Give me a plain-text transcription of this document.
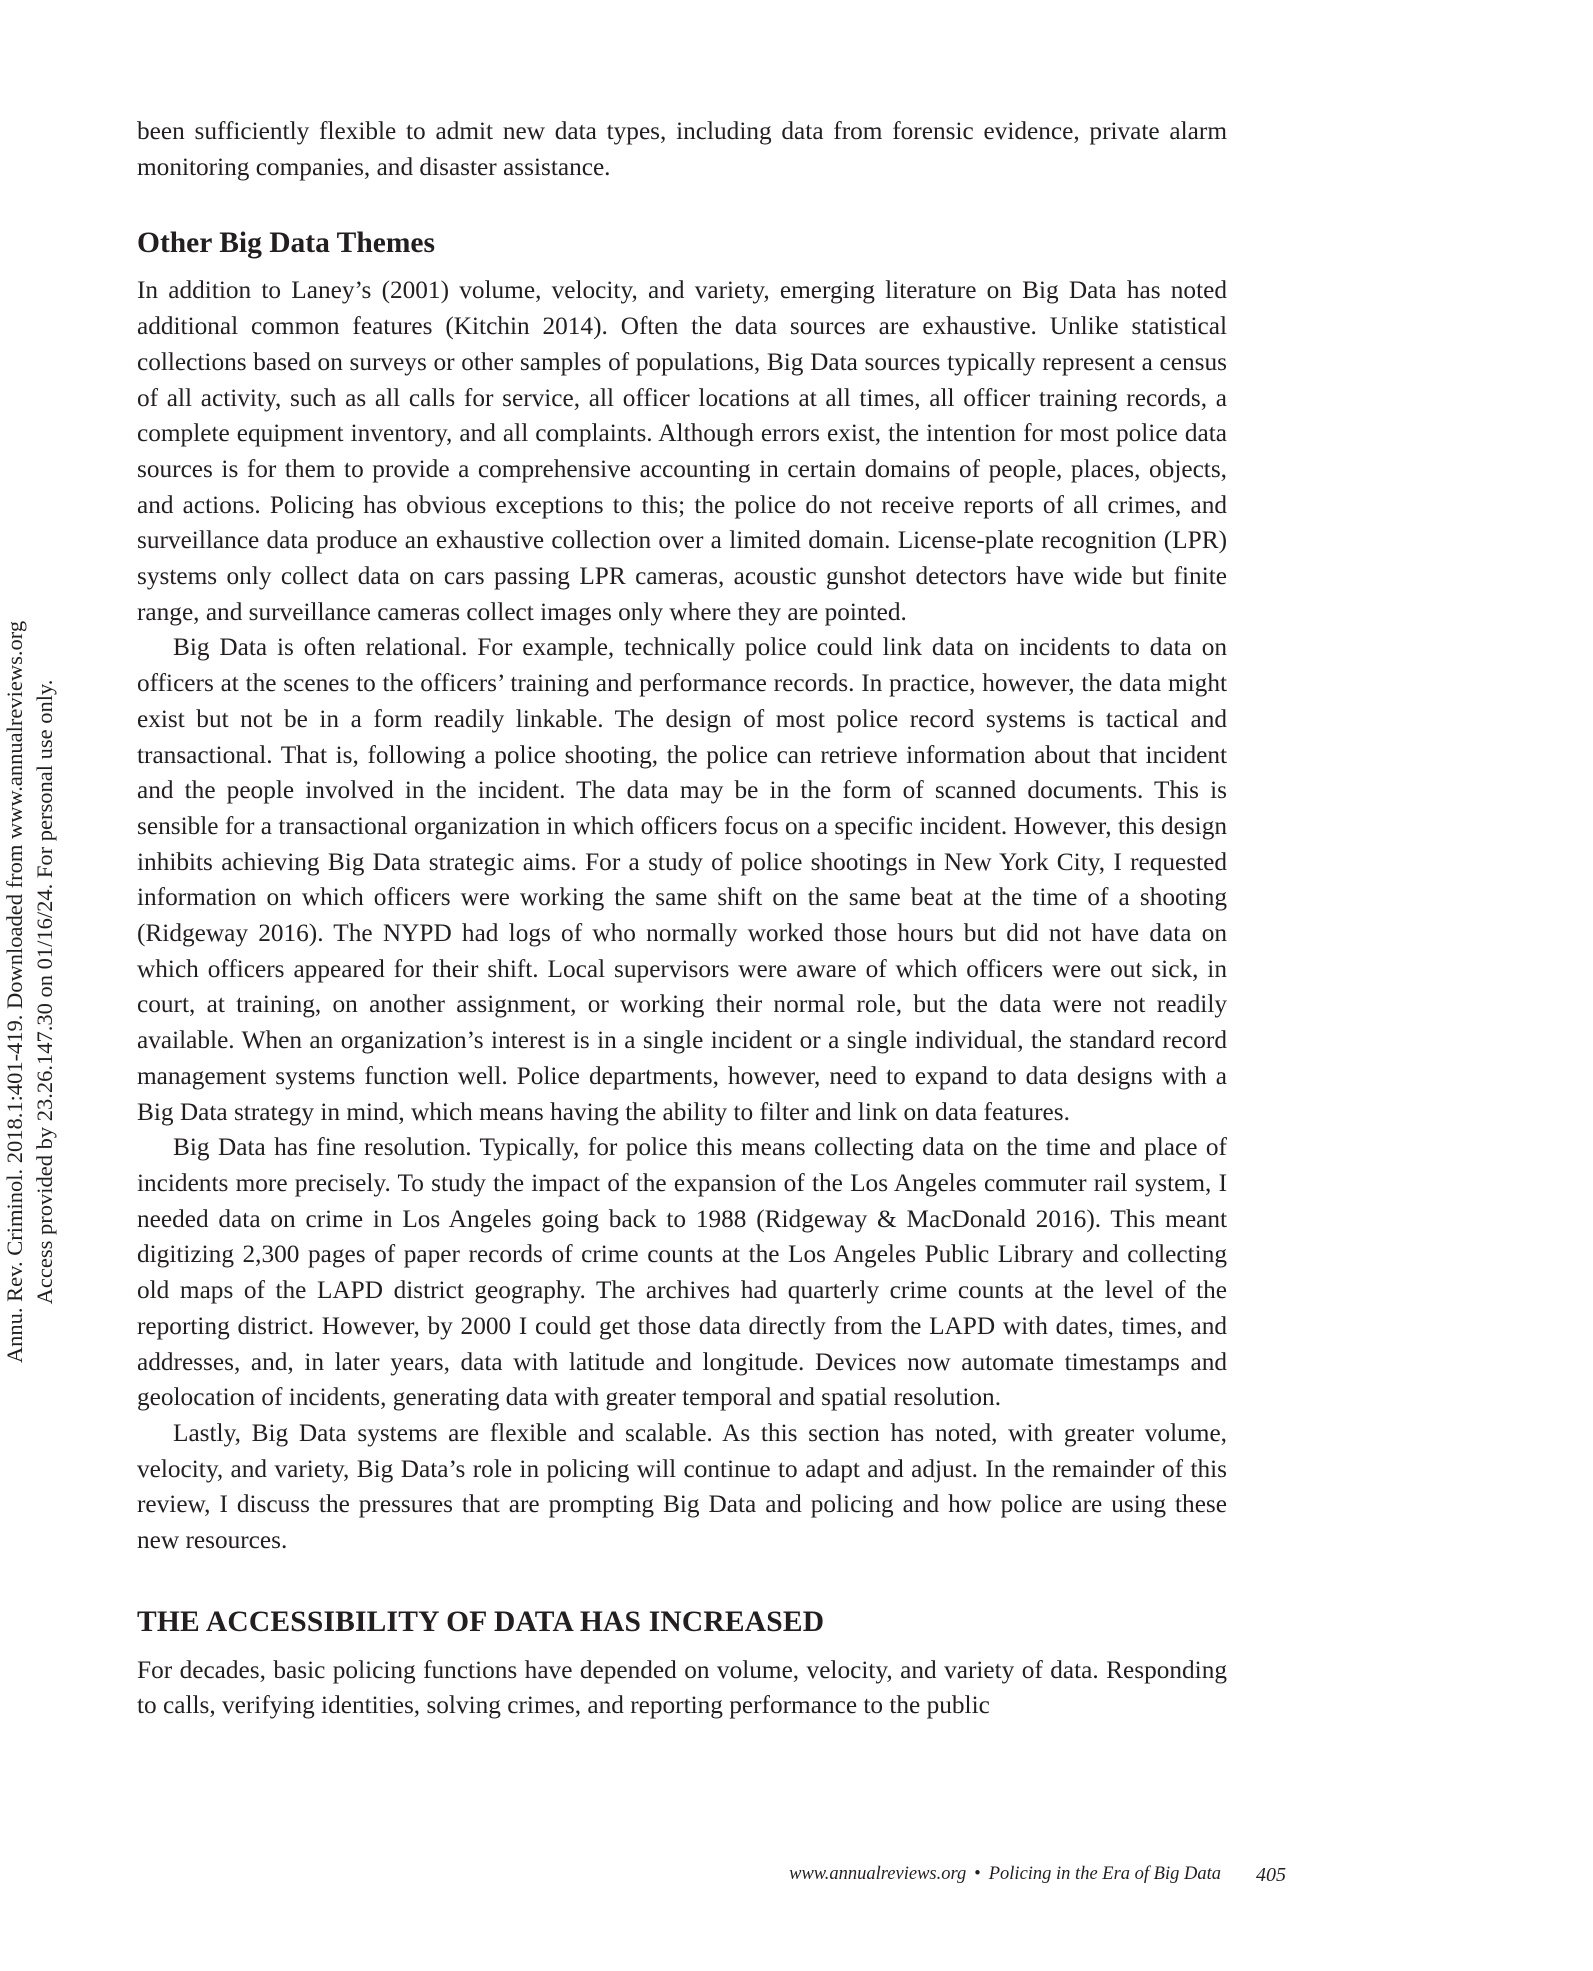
Annu. Rev. Criminol. 2018.1:401-419. Downloaded from www.annualreviews.org Access provided by 23.26.147.30 on 01/16/24. For personal use only.

been sufficiently flexible to admit new data types, including data from forensic evidence, private alarm monitoring companies, and disaster assistance.

Other Big Data Themes

In addition to Laney’s (2001) volume, velocity, and variety, emerging literature on Big Data has noted additional common features (Kitchin 2014). Often the data sources are exhaustive. Unlike statistical collections based on surveys or other samples of populations, Big Data sources typically represent a census of all activity, such as all calls for service, all officer locations at all times, all officer training records, a complete equipment inventory, and all complaints. Although errors exist, the intention for most police data sources is for them to provide a comprehensive accounting in certain domains of people, places, objects, and actions. Policing has obvious exceptions to this; the police do not receive reports of all crimes, and surveillance data produce an exhaustive collection over a limited domain. License-plate recognition (LPR) systems only collect data on cars passing LPR cameras, acoustic gunshot detectors have wide but finite range, and surveillance cameras collect images only where they are pointed.

Big Data is often relational. For example, technically police could link data on incidents to data on officers at the scenes to the officers’ training and performance records. In practice, however, the data might exist but not be in a form readily linkable. The design of most police record systems is tactical and transactional. That is, following a police shooting, the police can retrieve information about that incident and the people involved in the incident. The data may be in the form of scanned documents. This is sensible for a transactional organization in which officers focus on a specific incident. However, this design inhibits achieving Big Data strategic aims. For a study of police shootings in New York City, I requested information on which officers were working the same shift on the same beat at the time of a shooting (Ridgeway 2016). The NYPD had logs of who normally worked those hours but did not have data on which officers appeared for their shift. Local supervisors were aware of which officers were out sick, in court, at training, on another assignment, or working their normal role, but the data were not readily available. When an organization’s interest is in a single incident or a single individual, the standard record management systems function well. Police departments, however, need to expand to data designs with a Big Data strategy in mind, which means having the ability to filter and link on data features.

Big Data has fine resolution. Typically, for police this means collecting data on the time and place of incidents more precisely. To study the impact of the expansion of the Los Angeles commuter rail system, I needed data on crime in Los Angeles going back to 1988 (Ridgeway & MacDonald 2016). This meant digitizing 2,300 pages of paper records of crime counts at the Los Angeles Public Library and collecting old maps of the LAPD district geography. The archives had quarterly crime counts at the level of the reporting district. However, by 2000 I could get those data directly from the LAPD with dates, times, and addresses, and, in later years, data with latitude and longitude. Devices now automate timestamps and geolocation of incidents, generating data with greater temporal and spatial resolution.

Lastly, Big Data systems are flexible and scalable. As this section has noted, with greater volume, velocity, and variety, Big Data’s role in policing will continue to adapt and adjust. In the remainder of this review, I discuss the pressures that are prompting Big Data and policing and how police are using these new resources.

THE ACCESSIBILITY OF DATA HAS INCREASED

For decades, basic policing functions have depended on volume, velocity, and variety of data. Responding to calls, verifying identities, solving crimes, and reporting performance to the public

www.annualreviews.org • Policing in the Era of Big Data 405
